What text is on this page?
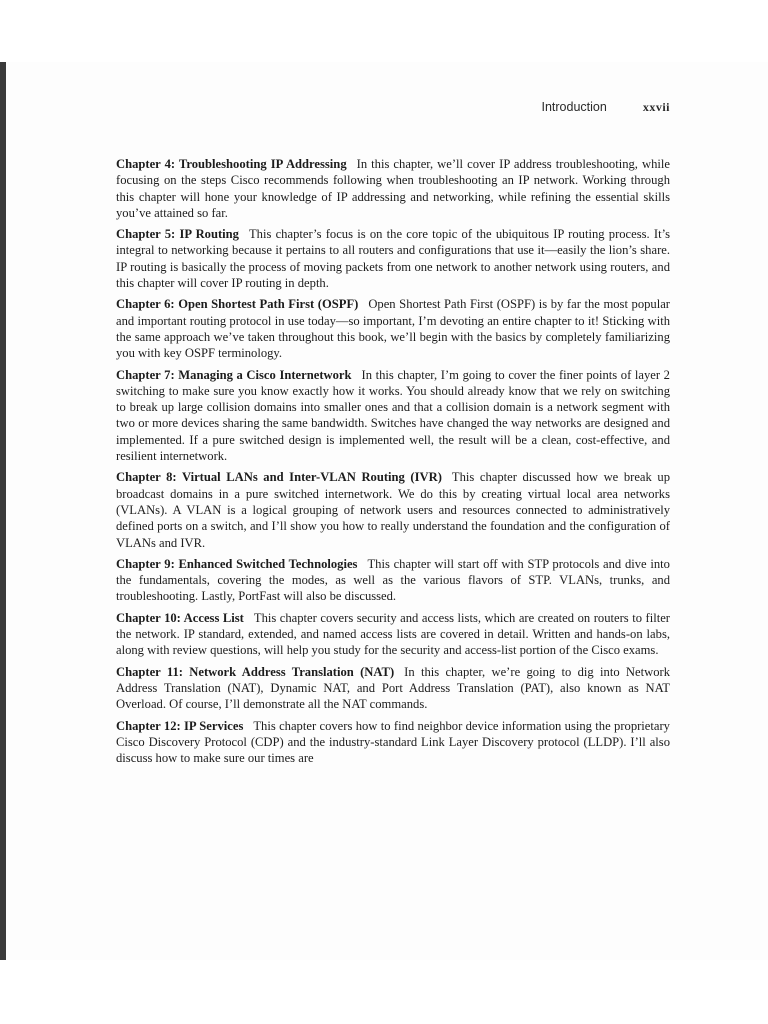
Introduction	xxvii

Chapter 4: Troubleshooting IP Addressing In this chapter, we’ll cover IP address troubleshooting, while focusing on the steps Cisco recommends following when troubleshooting an IP network. Working through this chapter will hone your knowledge of IP addressing and networking, while refining the essential skills you’ve attained so far.

Chapter 5: IP Routing This chapter’s focus is on the core topic of the ubiquitous IP routing process. It’s integral to networking because it pertains to all routers and configurations that use it—easily the lion’s share. IP routing is basically the process of moving packets from one network to another network using routers, and this chapter will cover IP routing in depth.

Chapter 6: Open Shortest Path First (OSPF) Open Shortest Path First (OSPF) is by far the most popular and important routing protocol in use today—so important, I’m devoting an entire chapter to it! Sticking with the same approach we’ve taken throughout this book, we’ll begin with the basics by completely familiarizing you with key OSPF terminology.

Chapter 7: Managing a Cisco Internetwork In this chapter, I’m going to cover the finer points of layer 2 switching to make sure you know exactly how it works. You should already know that we rely on switching to break up large collision domains into smaller ones and that a collision domain is a network segment with two or more devices sharing the same bandwidth. Switches have changed the way networks are designed and implemented. If a pure switched design is implemented well, the result will be a clean, cost-effective, and resilient internetwork.

Chapter 8: Virtual LANs and Inter-VLAN Routing (IVR) This chapter discussed how we break up broadcast domains in a pure switched internetwork. We do this by creating virtual local area networks (VLANs). A VLAN is a logical grouping of network users and resources connected to administratively defined ports on a switch, and I’ll show you how to really understand the foundation and the configuration of VLANs and IVR.

Chapter 9: Enhanced Switched Technologies This chapter will start off with STP protocols and dive into the fundamentals, covering the modes, as well as the various flavors of STP. VLANs, trunks, and troubleshooting. Lastly, PortFast will also be discussed.

Chapter 10: Access List This chapter covers security and access lists, which are created on routers to filter the network. IP standard, extended, and named access lists are covered in detail. Written and hands-on labs, along with review questions, will help you study for the security and access-list portion of the Cisco exams.

Chapter 11: Network Address Translation (NAT) In this chapter, we’re going to dig into Network Address Translation (NAT), Dynamic NAT, and Port Address Translation (PAT), also known as NAT Overload. Of course, I’ll demonstrate all the NAT commands.

Chapter 12: IP Services This chapter covers how to find neighbor device information using the proprietary Cisco Discovery Protocol (CDP) and the industry-standard Link Layer Discovery protocol (LLDP). I’ll also discuss how to make sure our times are
